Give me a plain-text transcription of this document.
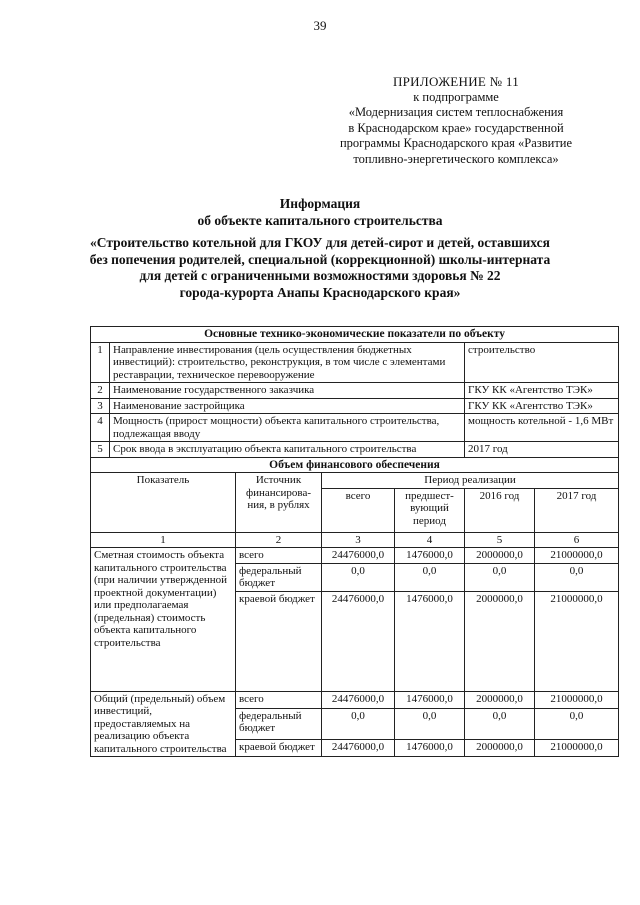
39
ПРИЛОЖЕНИЕ № 11
к подпрограмме
«Модернизация систем теплоснабжения
в Краснодарском крае» государственной
программы Краснодарского края «Развитие
топливно-энергетического комплекса»
Информация
об объекте капитального строительства
«Строительство котельной для ГКОУ для детей-сирот и детей, оставшихся
без попечения родителей, специальной (коррекционной) школы-интерната
для детей с ограниченными возможностями здоровья № 22
города-курорта Анапы Краснодарского края»
Основные технико-экономические показатели по объекту					

1 Направление инвестирования (цель осуществления бюджетных инвестиций): строительство, реконструкция, в том числе с элементами реставрации, техническое перевооружение				строительство	

2 Наименование государственного заказчика				ГКУ КК «Агентство ТЭК»	

3 Наименование застройщика				ГКУ КК «Агентство ТЭК»	

4 Мощность (прирост мощности) объекта капитального строительства, подлежащая вводу				мощность котельной - 1,6 МВт	

5 Срок ввода в эксплуатацию объекта капитального строительства				2017 год	
Объем финансового обеспечения					
Показатель	Источник финансирова-ния, в рублях	Период реализации			
		всего	предшест-вующий период	2016 год	2017 год
1	2	3	4	5	6
Сметная стоимость объекта капитального строительства (при наличии утвержденной проектной документации) или предполагаемая (предельная) стоимость объекта капитального строительства	всего	24476000,0	1476000,0	2000000,0	21000000,0
	федеральный бюджет	0,0	0,0	0,0	0,0
	краевой бюджет	24476000,0	1476000,0	2000000,0	21000000,0
Общий (предельный) объем инвестиций, предоставляемых на реализацию объекта капитального строительства	всего	24476000,0	1476000,0	2000000,0	21000000,0
	федеральный бюджет	0,0	0,0	0,0	0,0
	краевой бюджет	24476000,0	1476000,0	2000000,0	21000000,0
